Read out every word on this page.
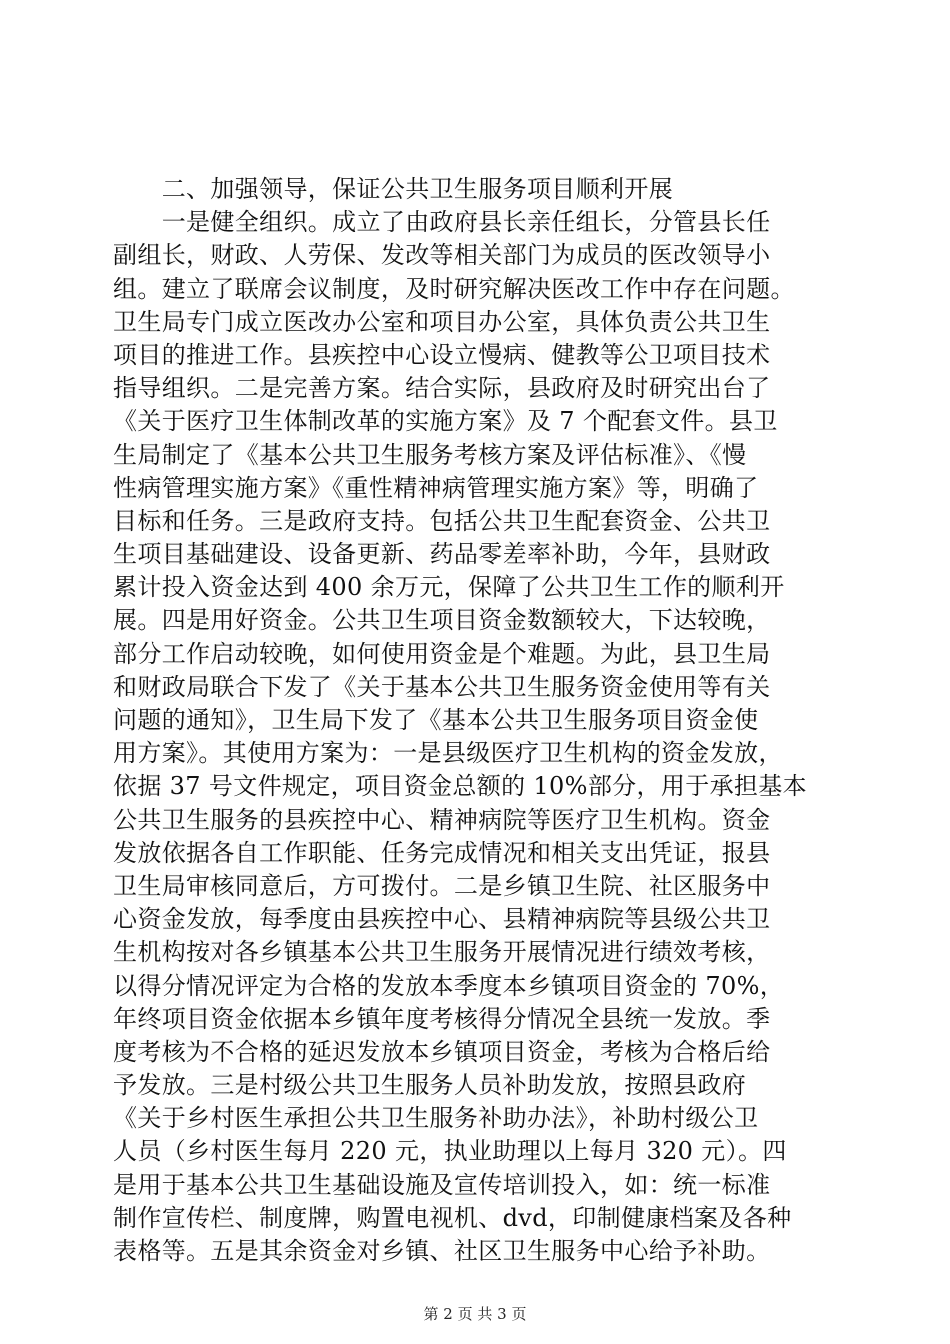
　　二、加强领导，保证公共卫生服务项目顺利开展
　　一是健全组织。成立了由政府县长亲任组长，分管县长任
副组长，财政、人劳保、发改等相关部门为成员的医改领导小
组。建立了联席会议制度，及时研究解决医改工作中存在问题。
卫生局专门成立医改办公室和项目办公室，具体负责公共卫生
项目的推进工作。县疾控中心设立慢病、健教等公卫项目技术
指导组织。二是完善方案。结合实际，县政府及时研究出台了
《关于医疗卫生体制改革的实施方案》及 7 个配套文件。县卫
生局制定了《基本公共卫生服务考核方案及评估标准》、《慢
性病管理实施方案》《重性精神病管理实施方案》等，明确了
目标和任务。三是政府支持。包括公共卫生配套资金、公共卫
生项目基础建设、设备更新、药品零差率补助，今年，县财政
累计投入资金达到 400 余万元，保障了公共卫生工作的顺利开
展。四是用好资金。公共卫生项目资金数额较大，下达较晚，
部分工作启动较晚，如何使用资金是个难题。为此，县卫生局
和财政局联合下发了《关于基本公共卫生服务资金使用等有关
问题的通知》，卫生局下发了《基本公共卫生服务项目资金使
用方案》。其使用方案为：一是县级医疗卫生机构的资金发放，
依据 37 号文件规定，项目资金总额的 10%部分，用于承担基本
公共卫生服务的县疾控中心、精神病院等医疗卫生机构。资金
发放依据各自工作职能、任务完成情况和相关支出凭证，报县
卫生局审核同意后，方可拨付。二是乡镇卫生院、社区服务中
心资金发放，每季度由县疾控中心、县精神病院等县级公共卫
生机构按对各乡镇基本公共卫生服务开展情况进行绩效考核，
以得分情况评定为合格的发放本季度本乡镇项目资金的 70%，
年终项目资金依据本乡镇年度考核得分情况全县统一发放。季
度考核为不合格的延迟发放本乡镇项目资金，考核为合格后给
予发放。三是村级公共卫生服务人员补助发放，按照县政府
《关于乡村医生承担公共卫生服务补助办法》，补助村级公卫
人员（乡村医生每月 220 元，执业助理以上每月 320 元）。四
是用于基本公共卫生基础设施及宣传培训投入，如：统一标准
制作宣传栏、制度牌，购置电视机、dvd，印制健康档案及各种
表格等。五是其余资金对乡镇、社区卫生服务中心给予补助。
第 2 页 共 3 页
